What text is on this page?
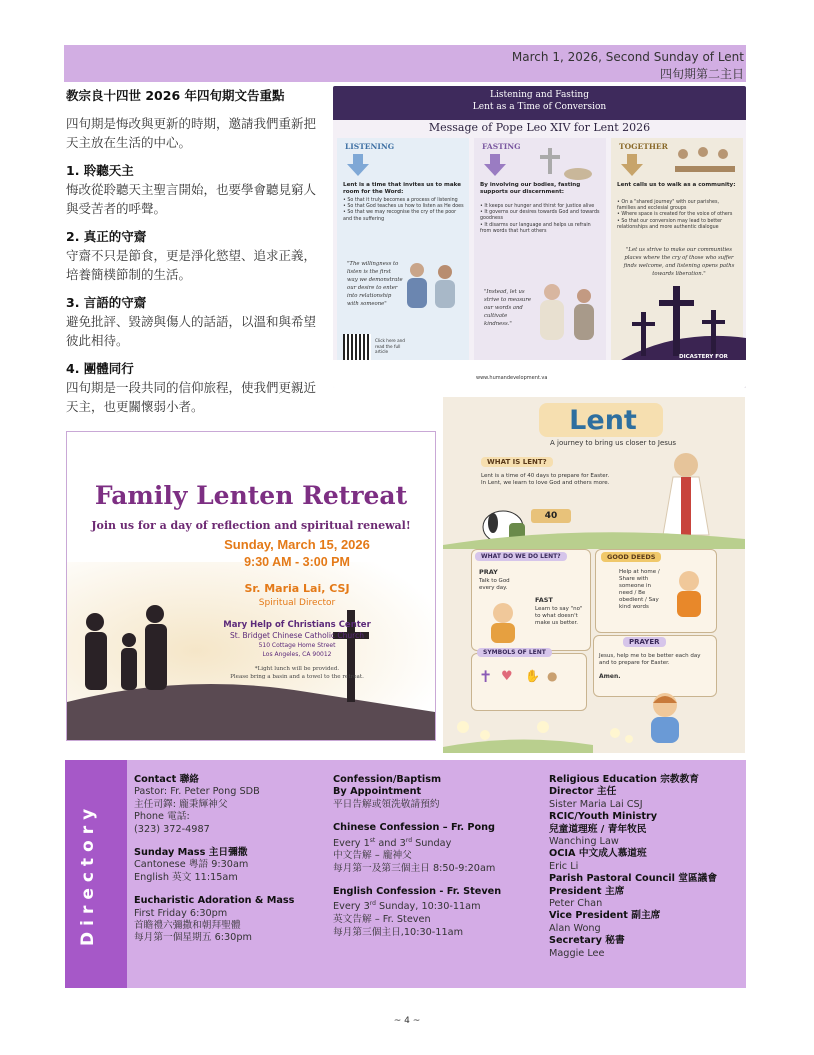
March 1, 2026, Second Sunday of Lent
四旬期第二主日
教宗良十四世 2026 年四旬期文告重點

四旬期是悔改與更新的時期，邀請我們重新把天主放在生活的中心。

1. 聆聽天主

悔改從聆聽天主聖言開始，也要學會聽見窮人與受苦者的呼聲。

2. 真正的守齋

守齋不只是節食，更是淨化慾望、追求正義，培養簡樸節制的生活。

3. 言語的守齋

避免批評、毀謗與傷人的話語，以溫和與希望彼此相待。

4. 團體同行

四旬期是一段共同的信仰旅程，使我們更親近天主，也更關懷弱小者。

Listening and Fasting
Lent as a Time of Conversion
Message of Pope Leo XIV for Lent 2026
LISTENING
Lent is a time that invites us to make room for the Word:
• So that it truly becomes a process of listening
• So that God teaches us how to listen as He does
• So that we may recognise the cry of the poor and the suffering
"The willingness to listen is the first way we demonstrate our desire to enter into relationship with someone"
Click here and read the full article
FASTING
By involving our bodies, fasting supports our discernment:
• It keeps our hunger and thirst for justice alive
• It governs our desires towards God and towards goodness
• It disarms our language and helps us refrain from words that hurt others
"Instead, let us strive to measure our words and cultivate kindness."
TOGETHER
Lent calls us to walk as a community:
• On a "shared journey" with our parishes, families and ecclesial groups
• Where space is created for the voice of others
• So that our conversion may lead to better relationships and more authentic dialogue
"Let us strive to make our communities places where the cry of those who suffer finds welcome, and listening opens paths towards liberation."
www.humandevelopment.va
DICASTERY FOR PROMOTING INTEGRAL HUMAN DEVELOPMENT
Family Lenten Retreat
Join us for a day of reflection and spiritual renewal!
Sunday, March 15, 2026
9:30 AM - 3:00 PM
Sr. Maria Lai, CSJ
Spiritual Director
Mary Help of Christians Center
St. Bridget Chinese Catholic Church
510 Cottage Home Street
Los Angeles, CA 90012
*Light lunch will be provided.
Please bring a basin and a towel to the retreat.
Lent
A journey to bring us closer to Jesus
WHAT IS LENT?
Lent is a time of 40 days to prepare for Easter. In Lent, we learn to love God and others more.
40
WHAT DO WE DO LENT?
PRAY
Talk to God every day.
FAST
Learn to say "no" to what doesn't make us better.
GOOD DEEDS
Help at home / Share with someone in need / Be obedient / Say kind words
SYMBOLS OF LENT
✝ ♥ ✋ ●
PRAYER
Jesus, help me to be better each day and to prepare for Easter.
Amen.
Directory
Contact 聯絡
Pastor: Fr. Peter Pong SDB
主任司鐸: 龐秉輝神父
Phone 電話:
(323) 372-4987
Sunday Mass 主日彌撒
Cantonese 粵語 9:30am
English 英文 11:15am
Eucharistic Adoration & Mass
First Friday 6:30pm
首瞻禮六彌撒和朝拜聖體
每月第一個星期五 6:30pm
Confession/Baptism
By Appointment
平日告解或領洗敬請預約
Chinese Confession – Fr. Pong
Every 1st and 3rd Sunday
中文告解 – 龐神父
每月第一及第三個主日 8:50-9:20am
English Confession - Fr. Steven
Every 3rd Sunday, 10:30-11am
英文告解 – Fr. Steven
每月第三個主日,10:30-11am
Religious Education 宗教教育
Director 主任
Sister Maria Lai CSJ
RCIC/Youth Ministry
兒童道理班 / 青年牧民
Wanching Law
OCIA 中文成人慕道班
Eric Li
Parish Pastoral Council 堂區議會
President 主席
Peter Chan
Vice President 副主席
Alan Wong
Secretary 秘書
Maggie Lee
~ 4 ~
